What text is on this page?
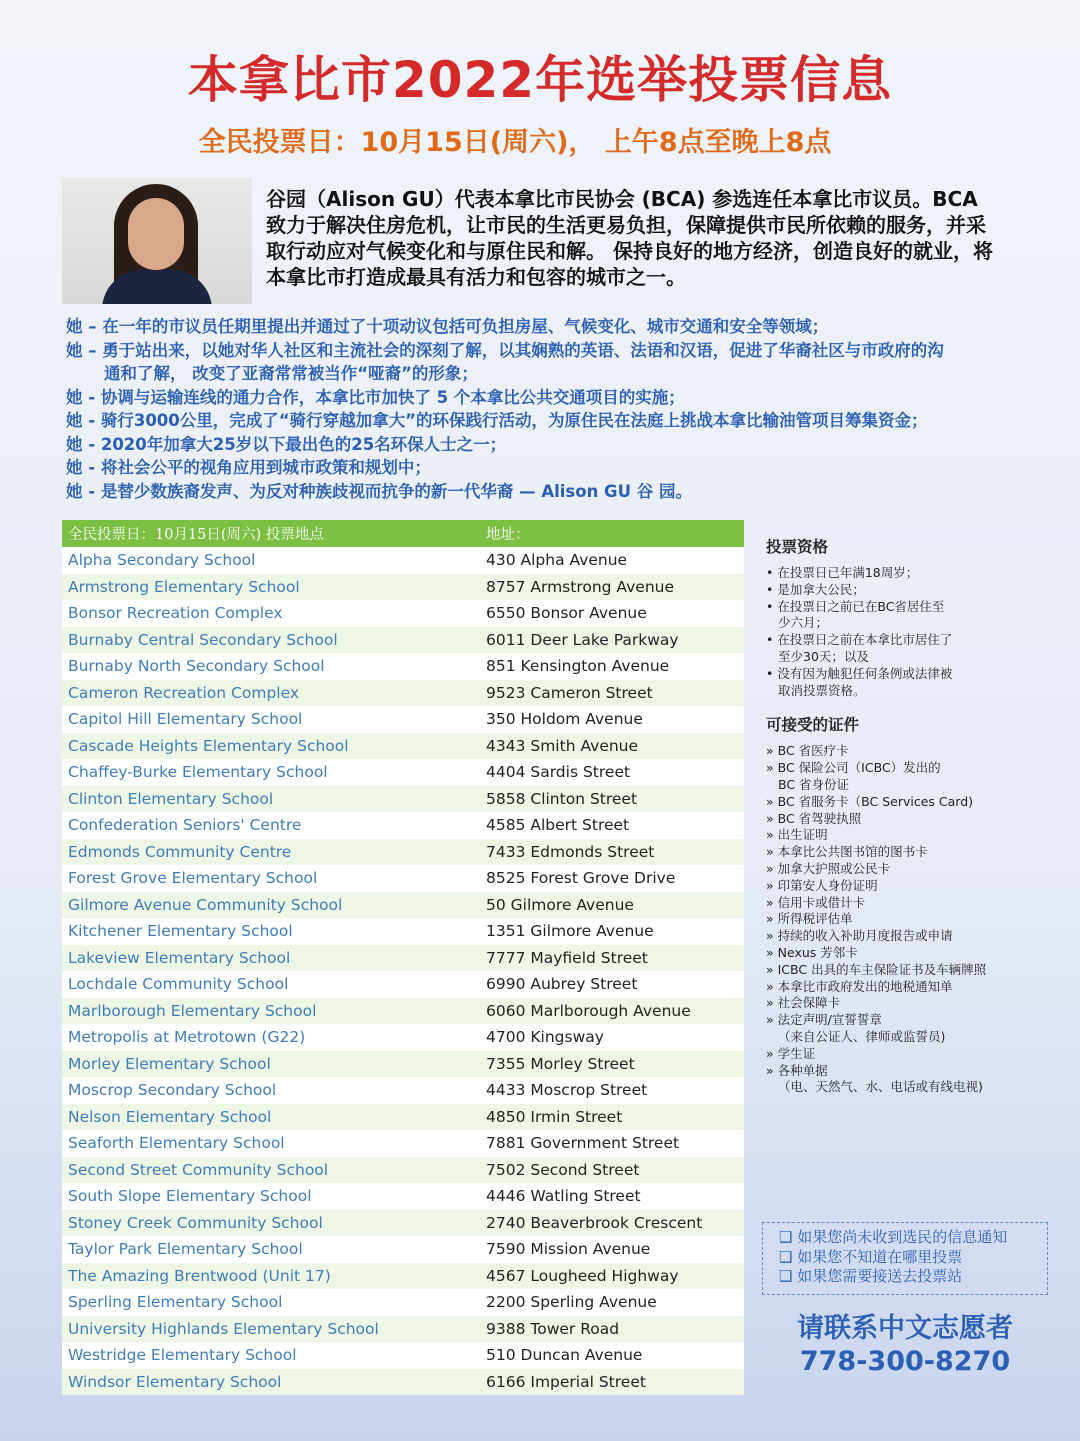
本拿比市2022年选举投票信息
全民投票日：10月15日(周六)， 上午8点至晚上8点
谷园（Alison GU）代表本拿比市民协会 (BCA) 参选连任本拿比市议员。BCA致力于解决住房危机，让市民的生活更易负担，保障提供市民所依赖的服务，并采取行动应对气候变化和与原住民和解。 保持良好的地方经济，创造良好的就业，将本拿比市打造成最具有活力和包容的城市之一。
她 – 在一年的市议员任期里提出并通过了十项动议包括可负担房屋、气候变化、城市交通和安全等领域；
她 – 勇于站出来，以她对华人社区和主流社会的深刻了解，以其娴熟的英语、法语和汉语，促进了华裔社区与市政府的沟
通和了解， 改变了亚裔常常被当作“哑裔”的形象；
她 - 协调与运输连线的通力合作，本拿比市加快了 5 个本拿比公共交通项目的实施；
她 - 骑行3000公里，完成了“骑行穿越加拿大”的环保践行活动，为原住民在法庭上挑战本拿比输油管项目筹集资金；
她 - 2020年加拿大25岁以下最出色的25名环保人士之一；
她 - 将社会公平的视角应用到城市政策和规划中；
她 - 是替少数族裔发声、为反对种族歧视而抗争的新一代华裔 — Alison GU 谷 园。
全民投票日：10月15日(周六) 投票地点	地址：
Alpha Secondary School	430 Alpha Avenue
Armstrong Elementary School	8757 Armstrong Avenue
Bonsor Recreation Complex	6550 Bonsor Avenue
Burnaby Central Secondary School	6011 Deer Lake Parkway
Burnaby North Secondary School	851 Kensington Avenue
Cameron Recreation Complex	9523 Cameron Street
Capitol Hill Elementary School	350 Holdom Avenue
Cascade Heights Elementary School	4343 Smith Avenue
Chaffey-Burke Elementary School	4404 Sardis Street
Clinton Elementary School	5858 Clinton Street
Confederation Seniors' Centre	4585 Albert Street
Edmonds Community Centre	7433 Edmonds Street
Forest Grove Elementary School	8525 Forest Grove Drive
Gilmore Avenue Community School	50 Gilmore Avenue
Kitchener Elementary School	1351 Gilmore Avenue
Lakeview Elementary School	7777 Mayfield Street
Lochdale Community School	6990 Aubrey Street
Marlborough Elementary School	6060 Marlborough Avenue
Metropolis at Metrotown (G22)	4700 Kingsway
Morley Elementary School	7355 Morley Street
Moscrop Secondary School	4433 Moscrop Street
Nelson Elementary School	4850 Irmin Street
Seaforth Elementary School	7881 Government Street
Second Street Community School	7502 Second Street
South Slope Elementary School	4446 Watling Street
Stoney Creek Community School	2740 Beaverbrook Crescent
Taylor Park Elementary School	7590 Mission Avenue
The Amazing Brentwood (Unit 17)	4567 Lougheed Highway
Sperling Elementary School	2200 Sperling Avenue
University Highlands Elementary School	9388 Tower Road
Westridge Elementary School	510 Duncan Avenue
Windsor Elementary School	6166 Imperial Street
投票资格
• 在投票日已年满18周岁；
• 是加拿大公民；
• 在投票日之前已在BC省居住至
少六月；
• 在投票日之前在本拿比市居住了
至少30天；以及
• 没有因为触犯任何条例或法律被
取消投票资格。
可接受的证件
» BC 省医疗卡
» BC 保险公司（ICBC）发出的
BC 省身份证
» BC 省服务卡（BC Services Card)
» BC 省驾驶执照
» 出生证明
» 本拿比公共图书馆的图书卡
» 加拿大护照或公民卡
» 印第安人身份证明
» 信用卡或借计卡
» 所得税评估单
» 持续的收入补助月度报告或申请
» Nexus 芳邻卡
» ICBC 出具的车主保险证书及车辆牌照
» 本拿比市政府发出的地税通知单
» 社会保障卡
» 法定声明/宣誓誓章
（来自公证人、律师或监誓员)
» 学生证
» 各种单据
（电、天然气、水、电话或有线电视)
❑ 如果您尚未收到选民的信息通知
❑ 如果您不知道在哪里投票
❑ 如果您需要接送去投票站
请联系中文志愿者
778-300-8270
